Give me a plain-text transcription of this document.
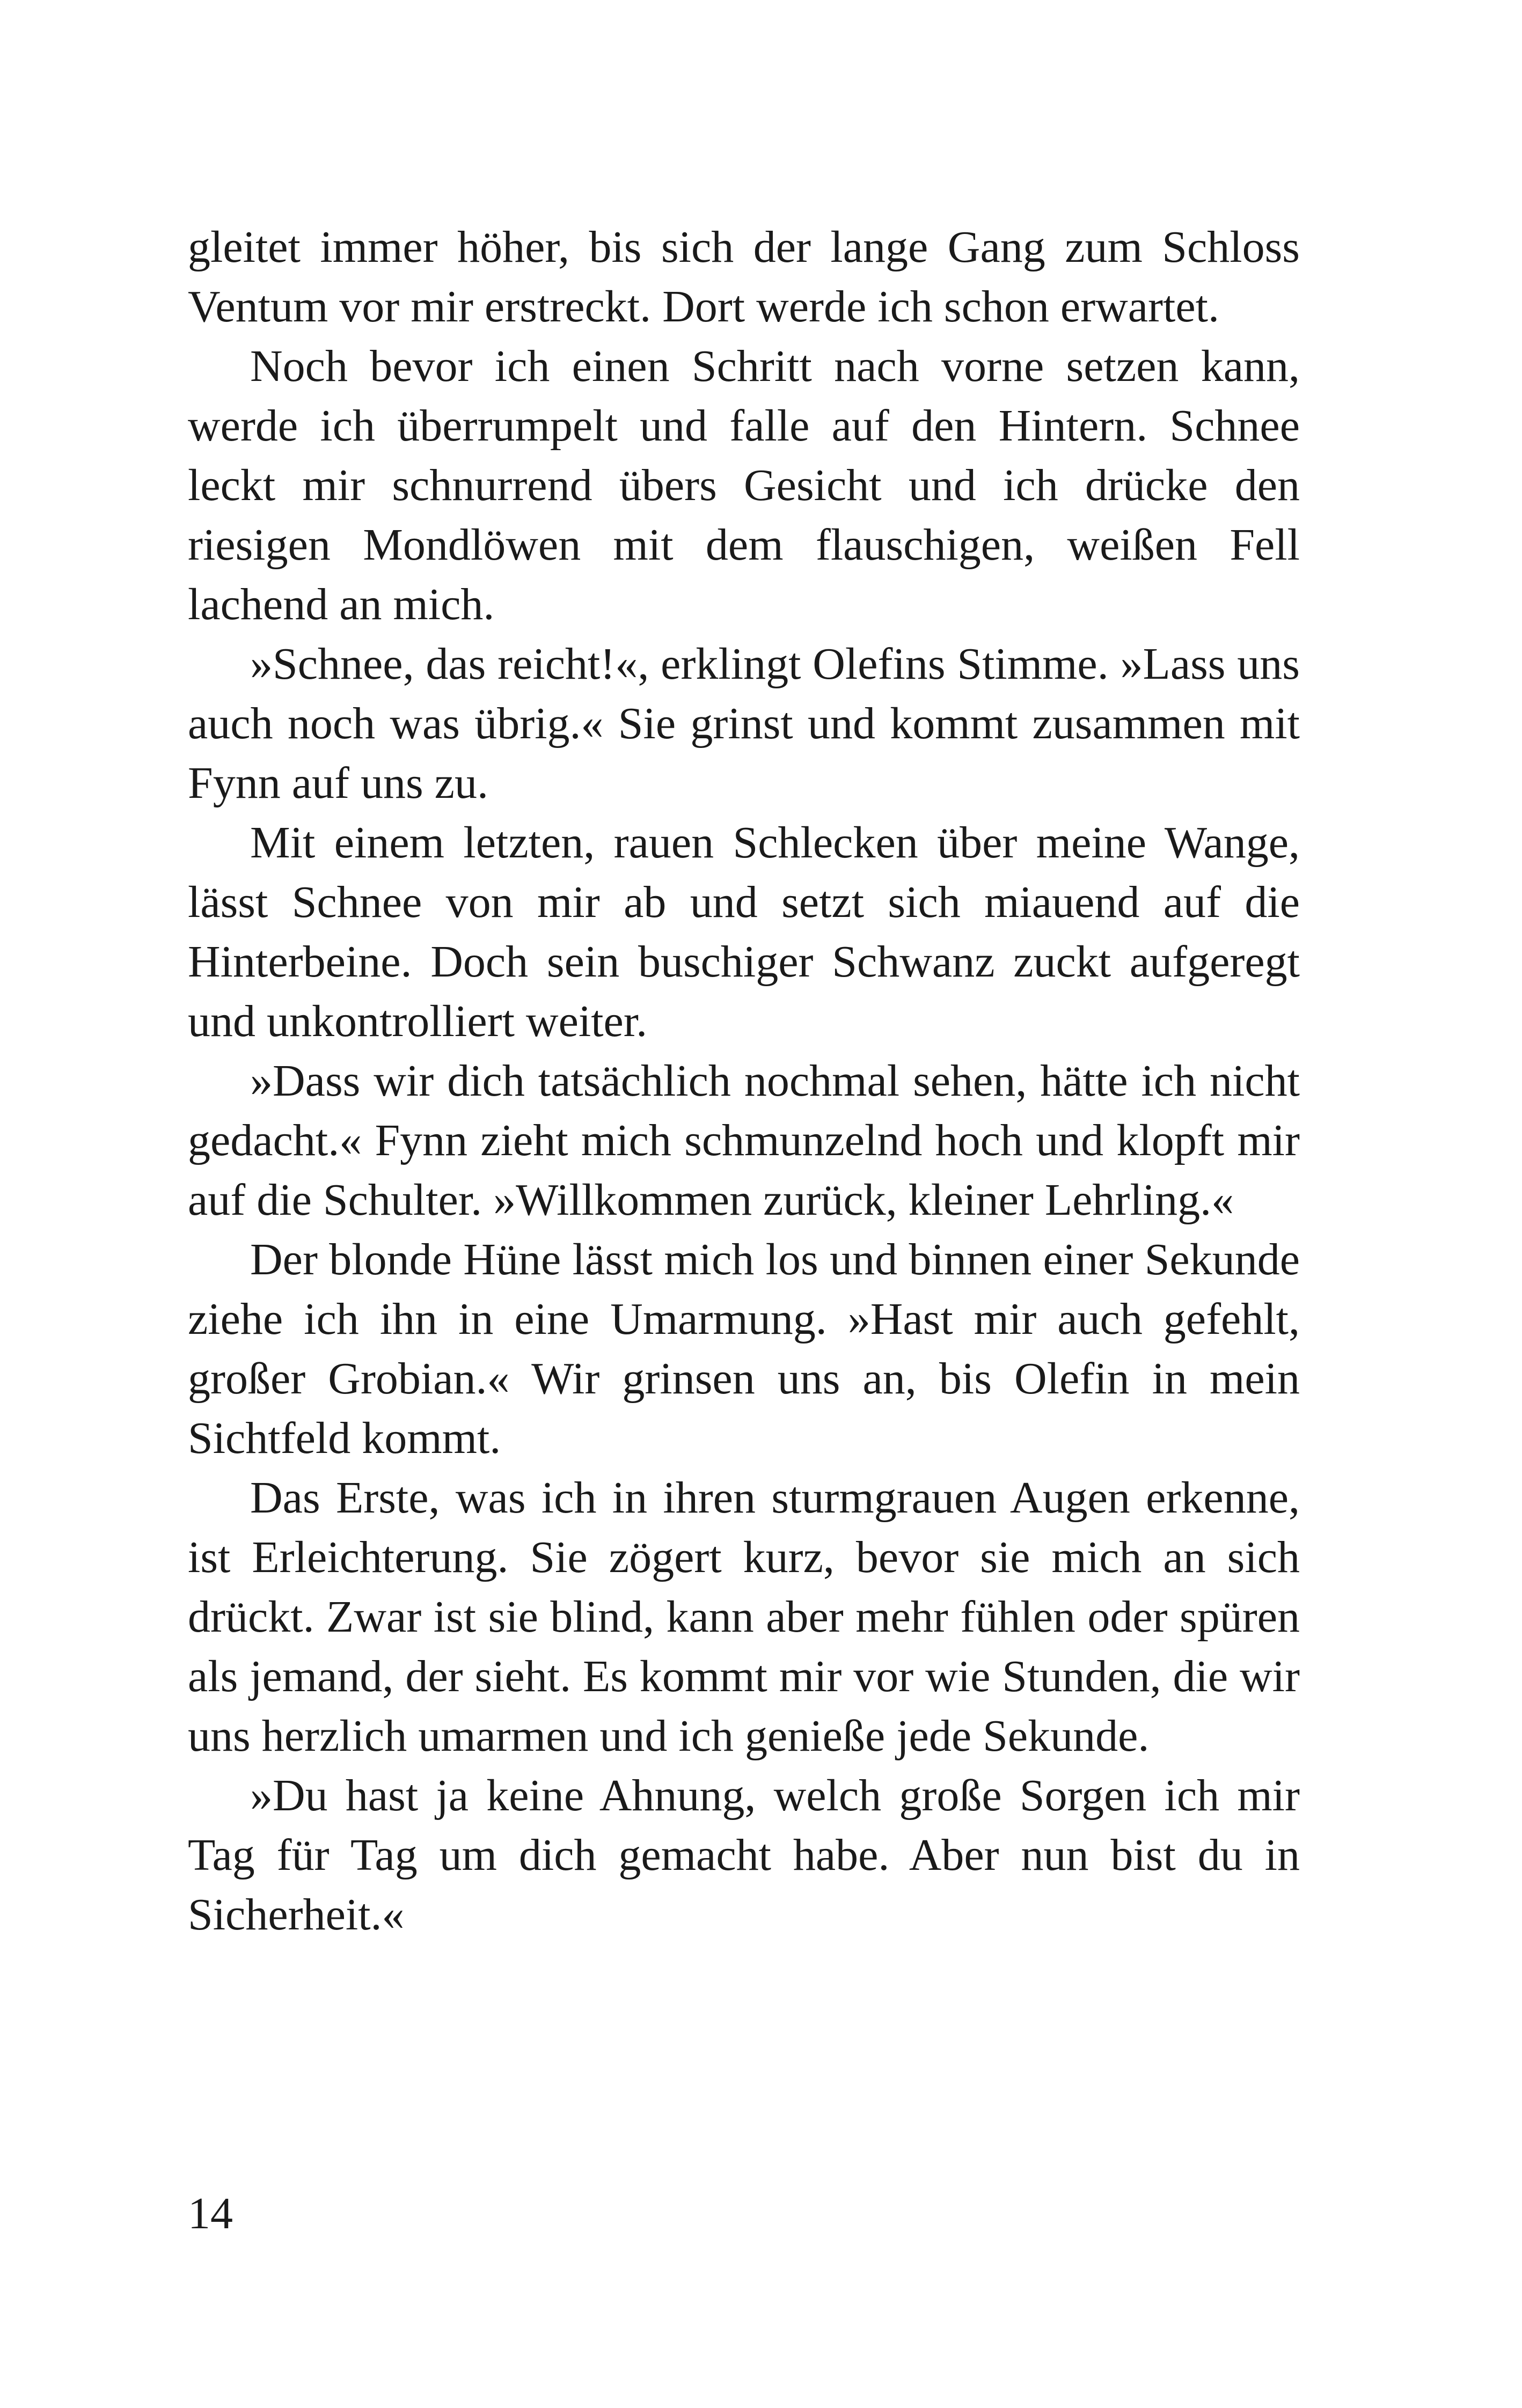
gleitet immer höher, bis sich der lange Gang zum Schloss Ventum vor mir erstreckt. Dort werde ich schon erwartet.

Noch bevor ich einen Schritt nach vorne setzen kann, werde ich überrumpelt und falle auf den Hintern. Schnee leckt mir schnurrend übers Gesicht und ich drücke den riesigen Mondlöwen mit dem flauschigen, weißen Fell lachend an mich.

»Schnee, das reicht!«, erklingt Olefins Stimme. »Lass uns auch noch was übrig.« Sie grinst und kommt zusammen mit Fynn auf uns zu.

Mit einem letzten, rauen Schlecken über meine Wange, lässt Schnee von mir ab und setzt sich miauend auf die Hinterbeine. Doch sein buschiger Schwanz zuckt aufgeregt und unkontrolliert weiter.

»Dass wir dich tatsächlich nochmal sehen, hätte ich nicht gedacht.« Fynn zieht mich schmunzelnd hoch und klopft mir auf die Schulter. »Willkommen zurück, kleiner Lehrling.«

Der blonde Hüne lässt mich los und binnen einer Sekunde ziehe ich ihn in eine Umarmung. »Hast mir auch gefehlt, großer Grobian.« Wir grinsen uns an, bis Olefin in mein Sichtfeld kommt.

Das Erste, was ich in ihren sturmgrauen Augen erkenne, ist Erleichterung. Sie zögert kurz, bevor sie mich an sich drückt. Zwar ist sie blind, kann aber mehr fühlen oder spüren als jemand, der sieht. Es kommt mir vor wie Stunden, die wir uns herzlich umarmen und ich genieße jede Sekunde.

»Du hast ja keine Ahnung, welch große Sorgen ich mir Tag für Tag um dich gemacht habe. Aber nun bist du in Sicherheit.«

14
